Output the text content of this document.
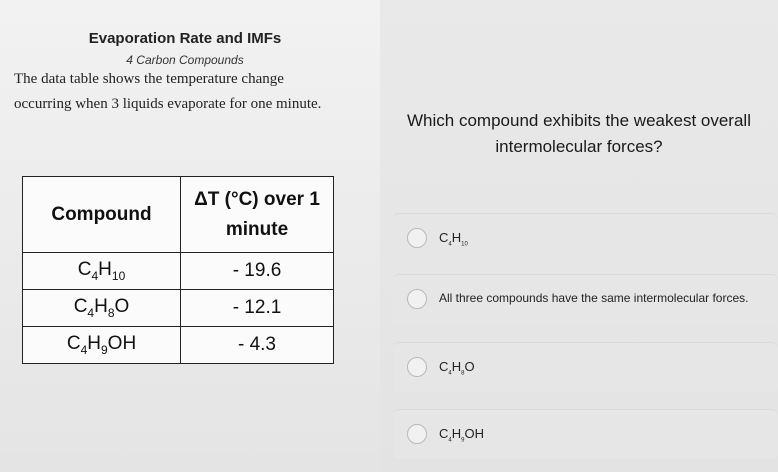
Evaporation Rate and IMFs
4 Carbon Compounds
The data table shows the temperature change occurring when 3 liquids evaporate for one minute.
Compound	ΔT (°C) over 1 minute
$C_4H_{10}$	- 19.6
$C_4H_8O$	- 12.1
$C_4H_9OH$	- 4.3
Which compound exhibits the weakest overall intermolecular forces?
$C_4H_{10}$
All three compounds have the same intermolecular forces.
$C_4H_8O$
$C_4H_9OH$
